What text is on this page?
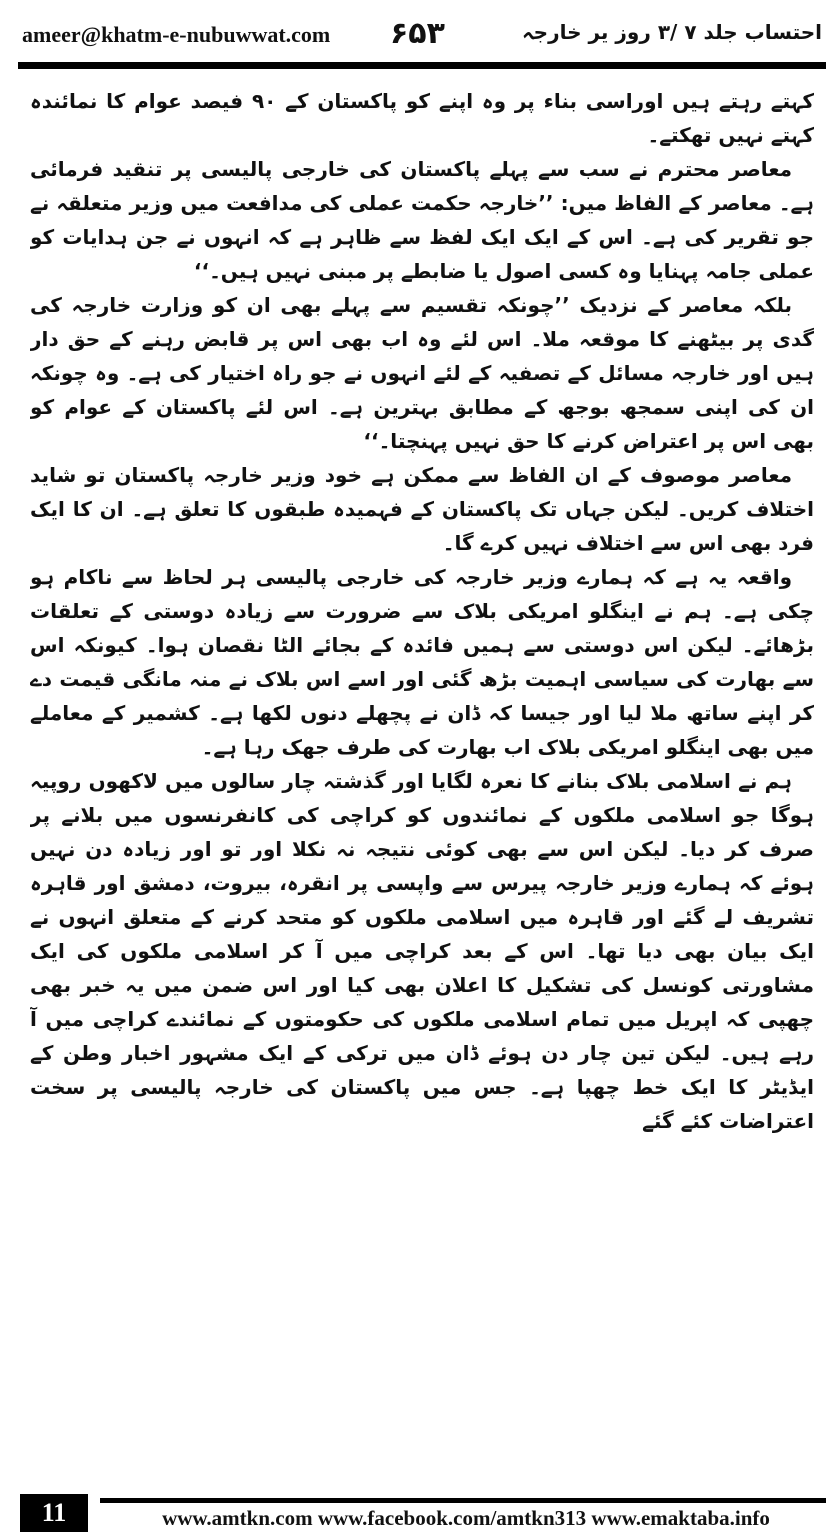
ameer@khatm-e-nubuwwat.com ۶۵۳	احتساب جلد ۷ /۳ روز یر خارجہ

کہتے رہتے ہیں اوراسی بناء پر وہ اپنے کو پاکستان کے ۹۰ فیصد عوام کا نمائندہ کہتے نہیں تھکتے۔

معاصر محترم نے سب سے پہلے پاکستان کی خارجی پالیسی پر تنقید فرمائی ہے۔ معاصر کے الفاظ میں: ’’خارجہ حکمت عملی کی مدافعت میں وزیر متعلقہ نے جو تقریر کی ہے۔ اس کے ایک ایک لفظ سے ظاہر ہے کہ انہوں نے جن ہدایات کو عملی جامہ پہنایا وہ کسی اصول یا ضابطے پر مبنی نہیں ہیں۔‘‘

بلکہ معاصر کے نزدیک ’’چونکہ تقسیم سے پہلے بھی ان کو وزارت خارجہ کی گدی پر بیٹھنے کا موقعہ ملا۔ اس لئے وہ اب بھی اس پر قابض رہنے کے حق دار ہیں اور خارجہ مسائل کے تصفیہ کے لئے انہوں نے جو راہ اختیار کی ہے۔ وہ چونکہ ان کی اپنی سمجھ بوجھ کے مطابق بہترین ہے۔ اس لئے پاکستان کے عوام کو بھی اس پر اعتراض کرنے کا حق نہیں پہنچتا۔‘‘

معاصر موصوف کے ان الفاظ سے ممکن ہے خود وزیر خارجہ پاکستان تو شاید اختلاف کریں۔ لیکن جہاں تک پاکستان کے فہمیدہ طبقوں کا تعلق ہے۔ ان کا ایک فرد بھی اس سے اختلاف نہیں کرے گا۔

واقعہ یہ ہے کہ ہمارے وزیر خارجہ کی خارجی پالیسی ہر لحاظ سے ناکام ہو چکی ہے۔ ہم نے اینگلو امریکی بلاک سے ضرورت سے زیادہ دوستی کے تعلقات بڑھائے۔ لیکن اس دوستی سے ہمیں فائدہ کے بجائے الٹا نقصان ہوا۔ کیونکہ اس سے بھارت کی سیاسی اہمیت بڑھ گئی اور اسے اس بلاک نے منہ مانگی قیمت دے کر اپنے ساتھ ملا لیا اور جیسا کہ ڈان نے پچھلے دنوں لکھا ہے۔ کشمیر کے معاملے میں بھی اینگلو امریکی بلاک اب بھارت کی طرف جھک رہا ہے۔

ہم نے اسلامی بلاک بنانے کا نعرہ لگایا اور گذشتہ چار سالوں میں لاکھوں روپیہ ہوگا جو اسلامی ملکوں کے نمائندوں کو کراچی کی کانفرنسوں میں بلانے پر صرف کر دیا۔ لیکن اس سے بھی کوئی نتیجہ نہ نکلا اور تو اور زیادہ دن نہیں ہوئے کہ ہمارے وزیر خارجہ پیرس سے واپسی پر انقرہ، بیروت، دمشق اور قاہرہ تشریف لے گئے اور قاہرہ میں اسلامی ملکوں کو متحد کرنے کے متعلق انہوں نے ایک بیان بھی دیا تھا۔ اس کے بعد کراچی میں آ کر اسلامی ملکوں کی ایک مشاورتی کونسل کی تشکیل کا اعلان بھی کیا اور اس ضمن میں یہ خبر بھی چھپی کہ اپریل میں تمام اسلامی ملکوں کی حکومتوں کے نمائندے کراچی میں آ رہے ہیں۔ لیکن تین چار دن ہوئے ڈان میں ترکی کے ایک مشہور اخبار وطن کے ایڈیٹر کا ایک خط چھپا ہے۔ جس میں پاکستان کی خارجہ پالیسی پر سخت اعتراضات کئے گئے

11	www.amtkn.com www.facebook.com/amtkn313 www.emaktaba.info
